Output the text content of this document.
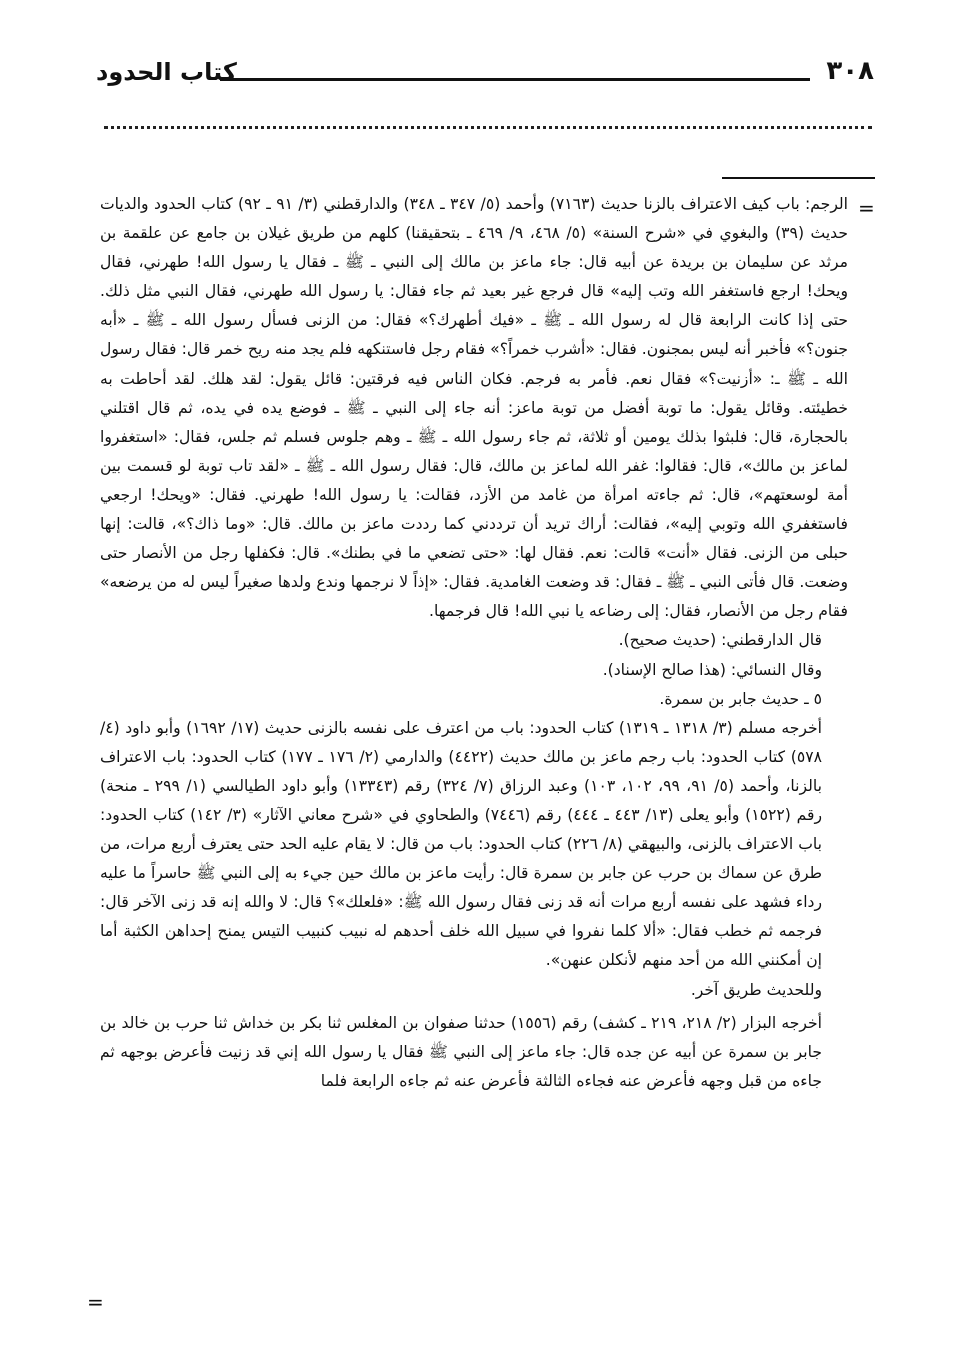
٣٠٨
كتاب الحدود
=

الرجم: باب كيف الاعتراف بالزنا حديث (٧١٦٣) وأحمد (٥/ ٣٤٧ ـ ٣٤٨) والدارقطني (٣/ ٩١ ـ ٩٢) كتاب الحدود والديات حديث (٣٩) والبغوي في «شرح السنة» (٥/ ٤٦٨، ٩/ ٤٦٩ ـ بتحقيقنا) كلهم من طريق غيلان بن جامع عن علقمة بن مرثد عن سليمان بن بريدة عن أبيه قال: جاء ماعز بن مالك إلى النبي ـ ﷺ ـ فقال يا رسول الله! طهرني، فقال ويحك! ارجع فاستغفر الله وتب إليه» قال فرجع غير بعيد ثم جاء فقال: يا رسول الله طهرني، فقال النبي مثل ذلك. حتى إذا كانت الرابعة قال له رسول الله ـ ﷺ ـ «فيك أطهرك؟» فقال: من الزنى فسأل رسول الله ـ ﷺ ـ «أبه جنون؟» فأخبر أنه ليس بمجنون. فقال: «أشرب خمراً؟» فقام رجل فاستنكهه فلم يجد منه ريح خمر قال: فقال رسول الله ـ ﷺ ـ: «أزنيت؟» فقال نعم. فأمر به فرجم. فكان الناس فيه فرقتين: قائل يقول: لقد هلك. لقد أحاطت به خطيئته. وقائل يقول: ما توبة أفضل من توبة ماعز: أنه جاء إلى النبي ـ ﷺ ـ فوضع يده في يده، ثم قال اقتلني بالحجارة، قال: فلبثوا بذلك يومين أو ثلاثة، ثم جاء رسول الله ـ ﷺ ـ وهم جلوس فسلم ثم جلس، فقال: «استغفروا لماعز بن مالك»، قال: فقالوا: غفر الله لماعز بن مالك، قال: فقال رسول الله ـ ﷺ ـ «لقد تاب توبة لو قسمت بين أمة لوسعتهم»، قال: ثم جاءته امرأة من غامد من الأزد، فقالت: يا رسول الله! طهرني. فقال: «ويحك! ارجعي فاستغفري الله وتوبي إليه»، فقالت: أراك تريد أن ترددني كما رددت ماعز بن مالك. قال: «وما ذاك؟»، قالت: إنها حبلى من الزنى. فقال «أنت» قالت: نعم. فقال لها: «حتى تضعي ما في بطنك». قال: فكفلها رجل من الأنصار حتى وضعت. قال فأتى النبي ـ ﷺ ـ فقال: قد وضعت الغامدية. فقال: «إذاً لا نرجمها وندع ولدها صغيراً ليس له من يرضعه» فقام رجل من الأنصار، فقال: إلى رضاعه يا نبي الله! قال فرجمها.

قال الدارقطني: (حديث صحيح).

وقال النسائي: (هذا صالح الإسناد).

٥ ـ حديث جابر بن سمرة.

أخرجه مسلم (٣/ ١٣١٨ ـ ١٣١٩) كتاب الحدود: باب من اعترف على نفسه بالزنى حديث (١٧/ ١٦٩٢) وأبو داود (٤/ ٥٧٨) كتاب الحدود: باب رجم ماعز بن مالك حديث (٤٤٢٢) والدارمي (٢/ ١٧٦ ـ ١٧٧) كتاب الحدود: باب الاعتراف بالزنا، وأحمد (٥/ ٩١، ٩٩، ١٠٢، ١٠٣) وعبد الرزاق (٧/ ٣٢٤) رقم (١٣٣٤٣) وأبو داود الطيالسي (١/ ٢٩٩ ـ منحة) رقم (١٥٢٢) وأبو يعلى (١٣/ ٤٤٣ ـ ٤٤٤) رقم (٧٤٤٦) والطحاوي في «شرح معاني الآثار» (٣/ ١٤٢) كتاب الحدود: باب الاعتراف بالزنى، والبيهقي (٨/ ٢٢٦) كتاب الحدود: باب من قال: لا يقام عليه الحد حتى يعترف أربع مرات، من طرق عن سماك بن حرب عن جابر بن سمرة قال: رأيت ماعز بن مالك حين جيء به إلى النبي ﷺ حاسراً ما عليه رداء فشهد على نفسه أربع مرات أنه قد زنى فقال رسول الله ﷺ: «فلعلك»؟ قال: لا والله إنه قد زنى الآخر قال: فرجمه ثم خطب فقال: «ألا كلما نفروا في سبيل الله خلف أحدهم له نبيب كنبيب التيس يمنح إحداهن الكثبة أما إن أمكنني الله من أحد منهم لأنكلن عنهن».

وللحديث طريق آخر.

أخرجه البزار (٢/ ٢١٨، ٢١٩ ـ كشف) رقم (١٥٥٦) حدثنا صفوان بن المغلس ثنا بكر بن خداش ثنا حرب بن خالد بن جابر بن سمرة عن أبيه عن جده قال: جاء ماعز إلى النبي ﷺ فقال يا رسول الله إني قد زنيت فأعرض بوجهه ثم جاءه من قبل وجهه فأعرض عنه فجاءه الثالثة فأعرض عنه ثم جاءه الرابعة فلما

=
